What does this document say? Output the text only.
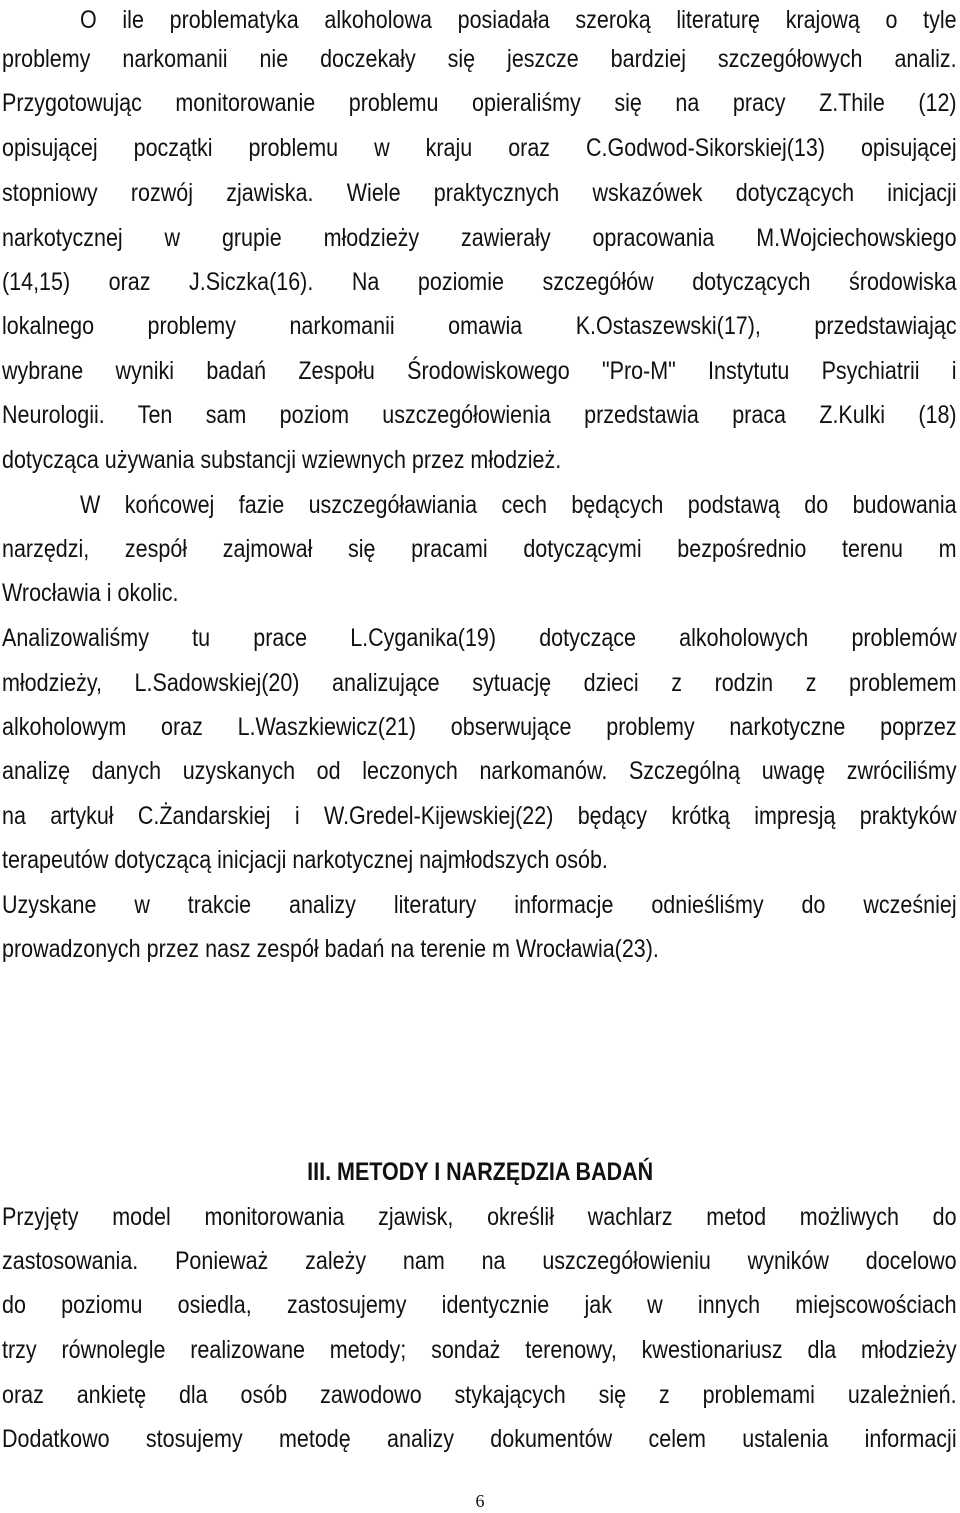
O ile problematyka alkoholowa posiadała szeroką literaturę krajową o tyle
problemy narkomanii nie doczekały się jeszcze bardziej szczegółowych analiz.
Przygotowując monitorowanie problemu opieraliśmy się na pracy Z.Thile (12)
opisującej początki problemu w kraju oraz C.Godwod-Sikorskiej(13) opisującej
stopniowy rozwój zjawiska. Wiele praktycznych wskazówek dotyczących inicjacji
narkotycznej w grupie młodzieży zawierały opracowania M.Wojciechowskiego
(14,15) oraz J.Siczka(16). Na poziomie szczegółów dotyczących środowiska
lokalnego problemy narkomanii omawia K.Ostaszewski(17), przedstawiając
wybrane wyniki badań Zespołu Środowiskowego "Pro-M" Instytutu Psychiatrii i
Neurologii. Ten sam poziom uszczegółowienia przedstawia praca Z.Kulki (18)
dotycząca używania substancji wziewnych przez młodzież.
W końcowej fazie uszczegóławiania cech będących podstawą do budowania
narzędzi, zespół zajmował się pracami dotyczącymi bezpośrednio terenu m
Wrocławia i okolic.
Analizowaliśmy tu prace L.Cyganika(19) dotyczące alkoholowych problemów
młodzieży, L.Sadowskiej(20) analizujące sytuację dzieci z rodzin z problemem
alkoholowym oraz L.Waszkiewicz(21) obserwujące problemy narkotyczne poprzez
analizę danych uzyskanych od leczonych narkomanów. Szczególną uwagę zwróciliśmy
na artykuł C.Żandarskiej i W.Gredel-Kijewskiej(22) będący krótką impresją praktyków
terapeutów dotyczącą inicjacji narkotycznej najmłodszych osób.
Uzyskane w trakcie analizy literatury informacje odnieśliśmy do wcześniej
prowadzonych przez nasz zespół badań na terenie m Wrocławia(23).
III. METODY I NARZĘDZIA BADAŃ
Przyjęty model monitorowania zjawisk, określił wachlarz metod możliwych do
zastosowania. Ponieważ zależy nam na uszczegółowieniu wyników docelowo
do poziomu osiedla, zastosujemy identycznie jak w innych miejscowościach
trzy równolegle realizowane metody; sondaż terenowy, kwestionariusz dla młodzieży
oraz ankietę dla osób zawodowo stykających się z problemami uzależnień.
Dodatkowo stosujemy metodę analizy dokumentów celem ustalenia informacji
6
